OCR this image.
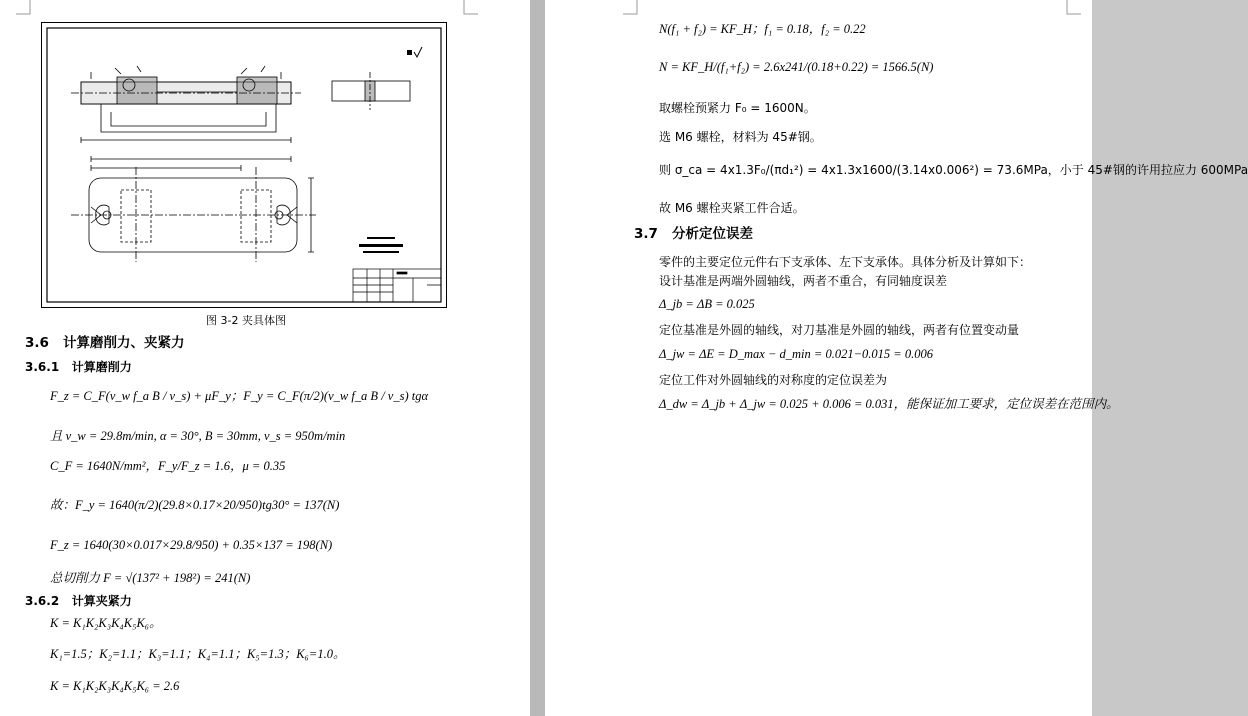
图 3-2 夹具体图
3.6 计算磨削力、夹紧力
3.6.1 计算磨削力
F_z = C_F(v_w f_a B / v_s) + μF_y；F_y = C_F(π/2)(v_w f_a B / v_s) tgα
且 v_w = 29.8m/min, α = 30°, B = 30mm, v_s = 950m/min
C_F = 1640N/mm²，F_y/F_z = 1.6，μ = 0.35
故：F_y = 1640(π/2)(29.8×0.17×20/950)tg30° = 137(N)
F_z = 1640(30×0.017×29.8/950) + 0.35×137 = 198(N)
总切削力 F = √(137² + 198²) = 241(N)
3.6.2 计算夹紧力
K = K₁K₂K₃K₄K₅K₆。
K₁=1.5；K₂=1.1；K₃=1.1；K₄=1.1；K₅=1.3；K₆=1.0。
K = K₁K₂K₃K₄K₅K₆ = 2.6
N(f₁ + f₂) = KF_H；f₁ = 0.18，f₂ = 0.22
N = KF_H/(f₁+f₂) = 2.6x241/(0.18+0.22) = 1566.5(N)
取螺栓预紧力 F₀ = 1600N。
选 M6 螺栓，材料为 45#钢。
则 σ_ca = 4x1.3F₀/(πd₁²) = 4x1.3x1600/(3.14x0.006²) = 73.6MPa，小于 45#钢的许用拉应力 600MPa
故 M6 螺栓夹紧工件合适。
3.7 分析定位误差
零件的主要定位元件右下支承体、左下支承体。具体分析及计算如下：
设计基准是两端外圆轴线，两者不重合，有同轴度误差
Δ_jb = ΔB = 0.025
定位基准是外圆的轴线，对刀基准是外圆的轴线，两者有位置变动量
Δ_jw = ΔE = D_max − d_min = 0.021−0.015 = 0.006
定位工件对外圆轴线的对称度的定位误差为
Δ_dw = Δ_jb + Δ_jw = 0.025 + 0.006 = 0.031，能保证加工要求，定位误差在范围内。
